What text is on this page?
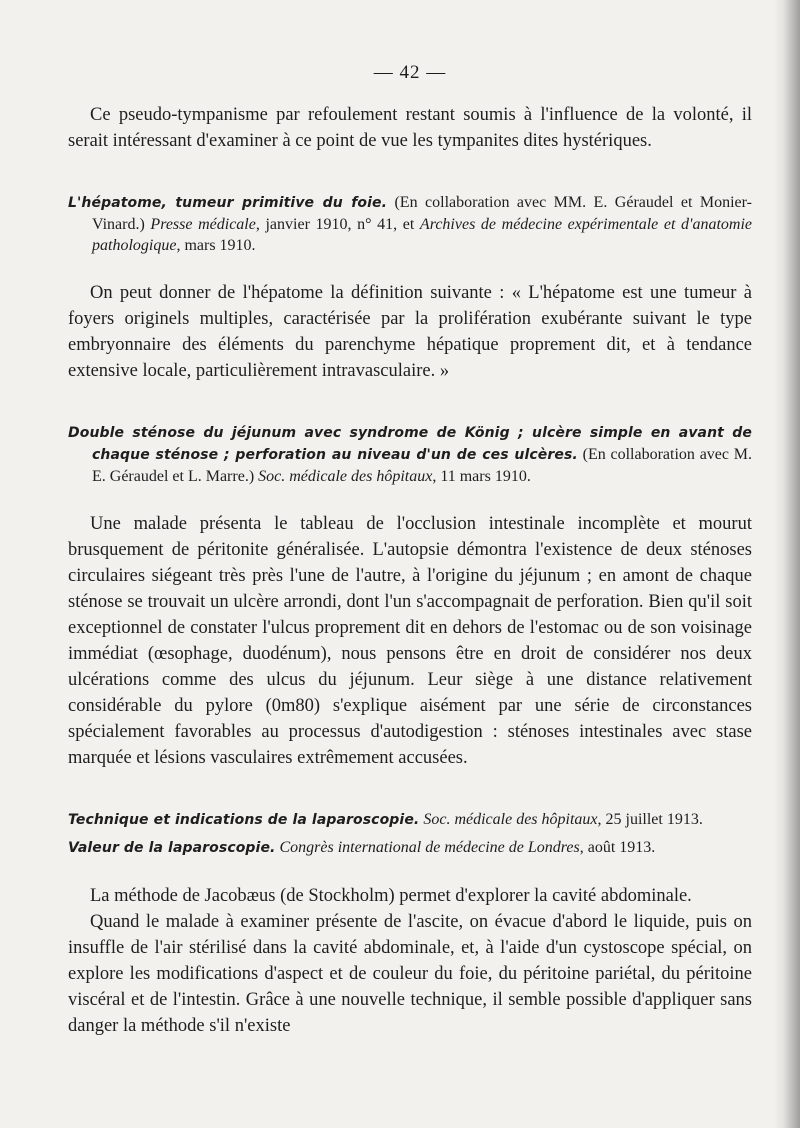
— 42 —

Ce pseudo-tympanisme par refoulement restant soumis à l'influence de la volonté, il serait intéressant d'examiner à ce point de vue les tympanites dites hystériques.

L'hépatome, tumeur primitive du foie. (En collaboration avec MM. E. Géraudel et Monier-Vinard.) Presse médicale, janvier 1910, n° 41, et Archives de médecine expérimentale et d'anatomie pathologique, mars 1910.

On peut donner de l'hépatome la définition suivante : « L'hépatome est une tumeur à foyers originels multiples, caractérisée par la prolifération exubérante suivant le type embryonnaire des éléments du parenchyme hépatique proprement dit, et à tendance extensive locale, particulièrement intravasculaire. »

Double sténose du jéjunum avec syndrome de König ; ulcère simple en avant de chaque sténose ; perforation au niveau d'un de ces ulcères. (En collaboration avec M. E. Géraudel et L. Marre.) Soc. médicale des hôpitaux, 11 mars 1910.

Une malade présenta le tableau de l'occlusion intestinale incomplète et mourut brusquement de péritonite généralisée. L'autopsie démontra l'existence de deux sténoses circulaires siégeant très près l'une de l'autre, à l'origine du jéjunum ; en amont de chaque sténose se trouvait un ulcère arrondi, dont l'un s'accompagnait de perforation. Bien qu'il soit exceptionnel de constater l'ulcus proprement dit en dehors de l'estomac ou de son voisinage immédiat (œsophage, duodénum), nous pensons être en droit de considérer nos deux ulcérations comme des ulcus du jéjunum. Leur siège à une distance relativement considérable du pylore (0m80) s'explique aisément par une série de circonstances spécialement favorables au processus d'autodigestion : sténoses intestinales avec stase marquée et lésions vasculaires extrêmement accusées.

Technique et indications de la laparoscopie. Soc. médicale des hôpitaux, 25 juillet 1913.

Valeur de la laparoscopie. Congrès international de médecine de Londres, août 1913.

La méthode de Jacobæus (de Stockholm) permet d'explorer la cavité abdominale.

Quand le malade à examiner présente de l'ascite, on évacue d'abord le liquide, puis on insuffle de l'air stérilisé dans la cavité abdominale, et, à l'aide d'un cystoscope spécial, on explore les modifications d'aspect et de couleur du foie, du péritoine pariétal, du péritoine viscéral et de l'intestin. Grâce à une nouvelle technique, il semble possible d'appliquer sans danger la méthode s'il n'existe
